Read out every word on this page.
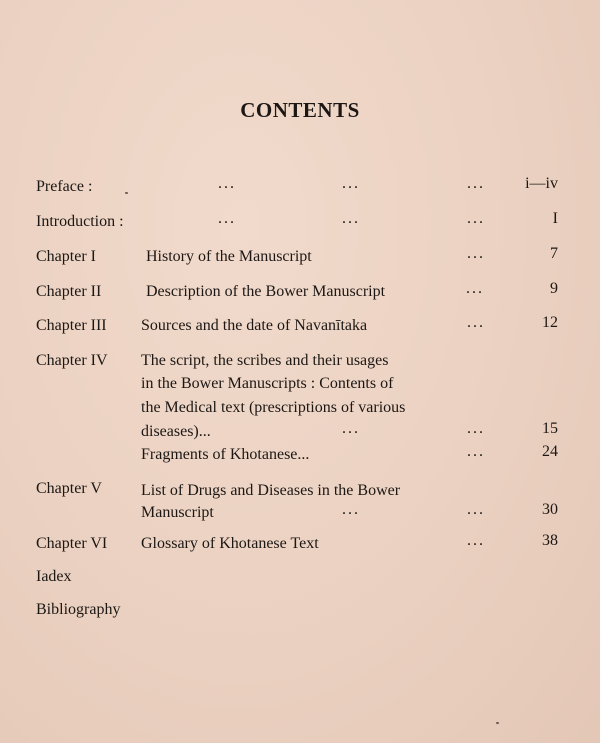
CONTENTS
Preface :	...	...	...	i—iv
Introduction :	...	...	...	I
Chapter I	History of the Manuscript	...	7
Chapter II	Description of the Bower Manuscript	...	9
Chapter III Sources and the date of Navanītaka	...	12
Chapter IV The script, the scribes and their usages
in the Bower Manuscripts : Contents of
the Medical text (prescriptions of various
diseases)...	...	...	15
Fragments of Khotanese...	...	24
Chapter V List of Drugs and Diseases in the Bower
Manuscript	...	...	30
Chapter VI Glossary of Khotanese Text	...	38
Iadex
Bibliography
